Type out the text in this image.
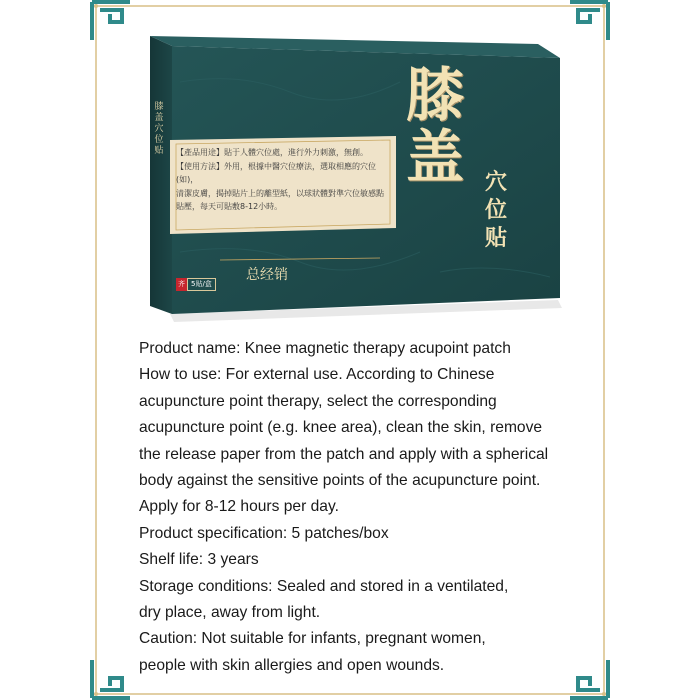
膝盖穴位贴
膝
盖 穴
位
贴

【產品用途】貼于人體穴位處，進行外力刺激，無創。

【使用方法】外用，根據中醫穴位療法，選取相應的穴位(如)，

清潔皮膚，揭掉貼片上的離型紙，以球狀體對準穴位敏感點

貼壓，每天可貼敷8-12小時。

总经销
齐 5贴/盒
Product name: Knee magnetic therapy acupoint patch
How to use: For external use. According to Chinese
acupuncture point therapy, select the corresponding
acupuncture point (e.g. knee area), clean the skin, remove
the release paper from the patch and apply with a spherical
body against the sensitive points of the acupuncture point.
Apply for 8-12 hours per day.
Product specification: 5 patches/box
Shelf life: 3 years
Storage conditions: Sealed and stored in a ventilated,
dry place, away from light.
Caution: Not suitable for infants, pregnant women,
people with skin allergies and open wounds.
